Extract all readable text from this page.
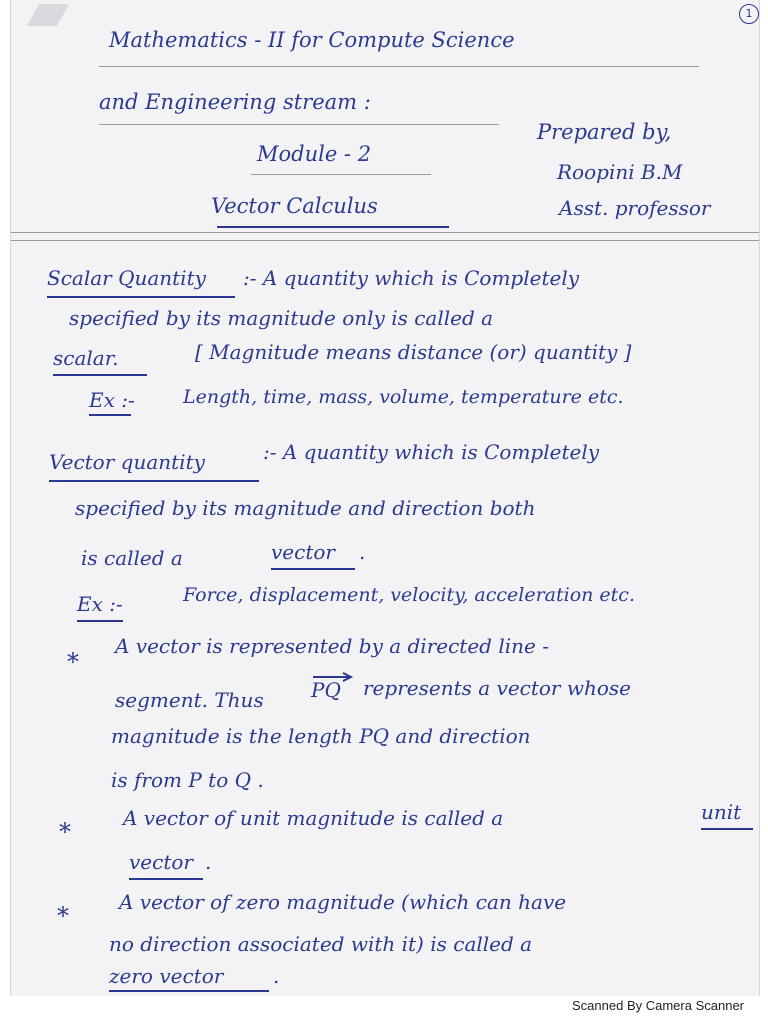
1
Mathematics - II for Compute Science
and Engineering stream :
Module - 2
Vector Calculus
Prepared by,
Roopini B.M
Asst. professor
Scalar Quantity :- A quantity which is Completely
specified by its magnitude only is called a
scalar.	[ Magnitude means distance (or) quantity ]
Ex :-	Length, time, mass, volume, temperature etc.
Vector quantity	:- A quantity which is Completely
specified by its magnitude and direction both
is called a	vector .
Ex :-	Force, displacement, velocity, acceleration etc.
*
A vector is represented by a directed line -
segment. Thus PQ represents a vector whose
magnitude is the length PQ and direction
is from P to Q .
*	A vector of unit magnitude is called a	unit
vector .
*	A vector of zero magnitude (which can have
no direction associated with it) is called a
zero vector .
Scanned By Camera Scanner
